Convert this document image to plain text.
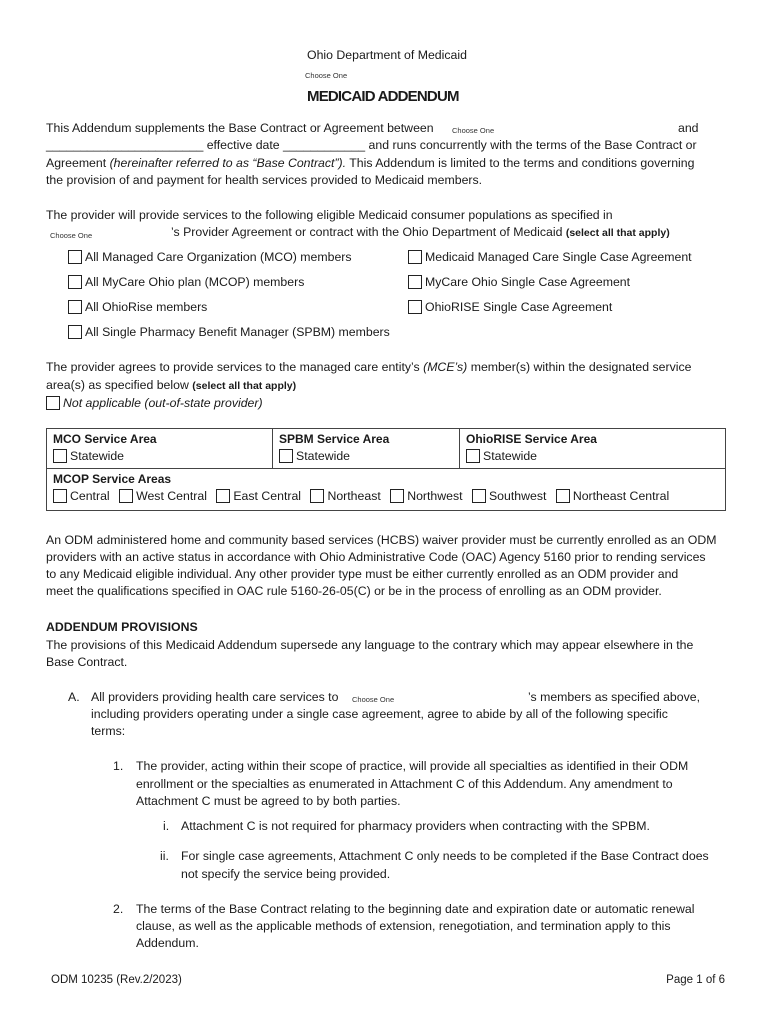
Ohio Department of Medicaid
Choose One
MEDICAID ADDENDUM
This Addendum supplements the Base Contract or Agreement between Choose One	and
_______________________ effective date ____________ and runs concurrently with the terms of the Base Contract or
Agreement (hereinafter referred to as “Base Contract”). This Addendum is limited to the terms and conditions governing
the provision of and payment for health services provided to Medicaid members.
The provider will provide services to the following eligible Medicaid consumer populations as specified in
Choose One	’s Provider Agreement or contract with the Ohio Department of Medicaid (select all that apply)
All Managed Care Organization (MCO) members
All MyCare Ohio plan (MCOP) members
All OhioRise members
All Single Pharmacy Benefit Manager (SPBM) members
Medicaid Managed Care Single Case Agreement
MyCare Ohio Single Case Agreement
OhioRISE Single Case Agreement
The provider agrees to provide services to the managed care entity’s (MCE’s) member(s) within the designated service
area(s) as specified below (select all that apply)
Not applicable (out-of-state provider)
MCO Service Area
Statewide

SPBM Service Area
Statewide

OhioRISE Service Area
Statewide

MCOP Service Areas
Central West Central East Central Northeast Northwest Southwest Northeast Central
An ODM administered home and community based services (HCBS) waiver provider must be currently enrolled as an ODM
providers with an active status in accordance with Ohio Administrative Code (OAC) Agency 5160 prior to rending services
to any Medicaid eligible individual. Any other provider type must be either currently enrolled as an ODM provider and
meet the qualifications specified in OAC rule 5160-26-05(C) or be in the process of enrolling as an ODM provider.
ADDENDUM PROVISIONS
The provisions of this Medicaid Addendum supersede any language to the contrary which may appear elsewhere in the
Base Contract.
A. All providers providing health care services to Choose One	’s members as specified above,
including providers operating under a single case agreement, agree to abide by all of the following specific
terms:
1. The provider, acting within their scope of practice, will provide all specialties as identified in their ODM
enrollment or the specialties as enumerated in Attachment C of this Addendum. Any amendment to
Attachment C must be agreed to by both parties.
i. Attachment C is not required for pharmacy providers when contracting with the SPBM.
ii. For single case agreements, Attachment C only needs to be completed if the Base Contract does
not specify the service being provided.
2. The terms of the Base Contract relating to the beginning date and expiration date or automatic renewal
clause, as well as the applicable methods of extension, renegotiation, and termination apply to this
Addendum.
ODM 10235 (Rev.2/2023)	Page 1 of 6
